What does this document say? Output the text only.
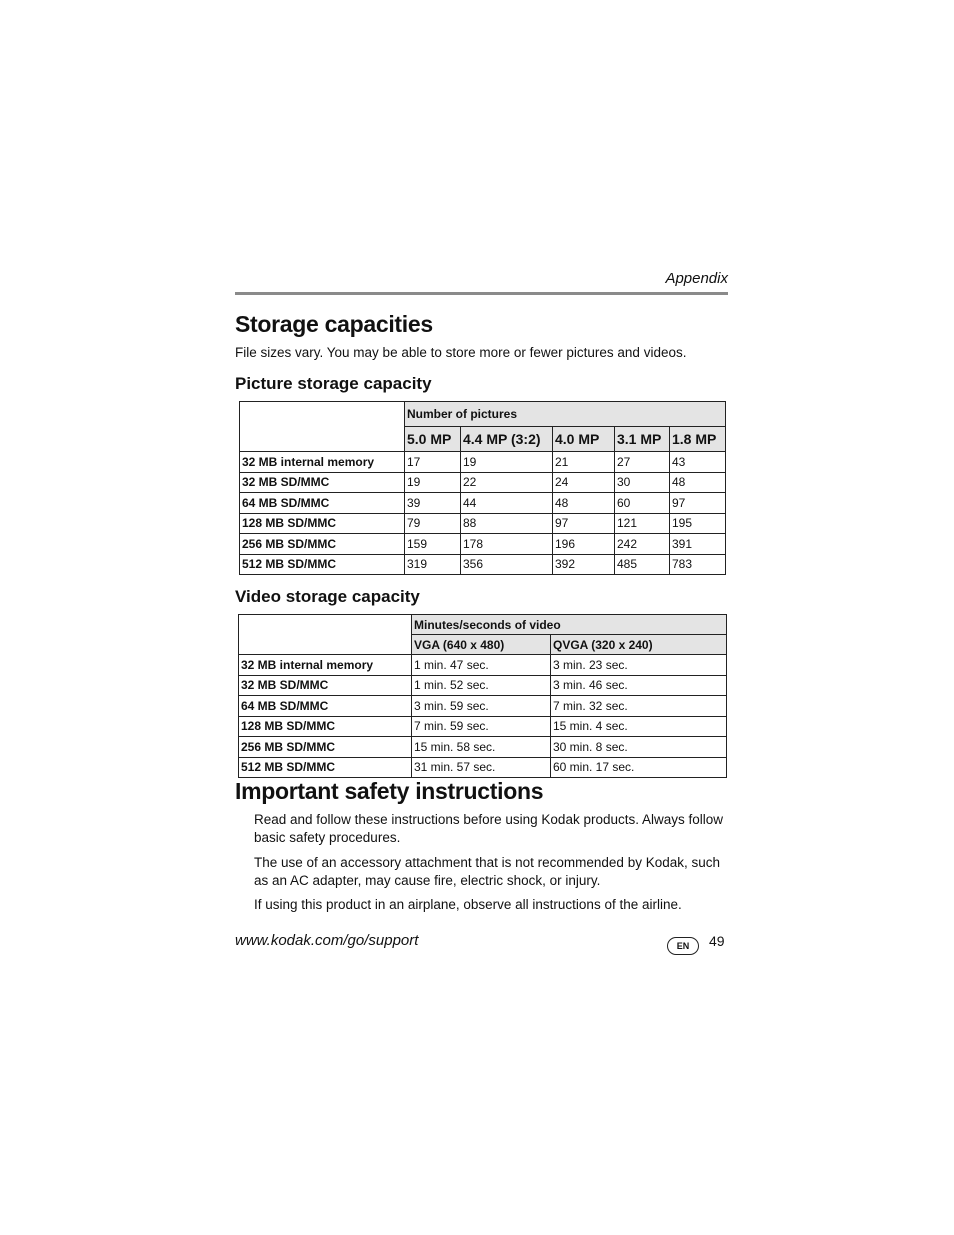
Appendix
Storage capacities

File sizes vary. You may be able to store more or fewer pictures and videos.

Picture storage capacity
	Number of pictures				
	5.0 MP	4.4 MP (3:2)	4.0 MP	3.1 MP	1.8 MP
32 MB internal memory	17	19	21	27	43
32 MB SD/MMC	19	22	24	30	48
64 MB SD/MMC	39	44	48	60	97
128 MB SD/MMC	79	88	97	121	195
256 MB SD/MMC	159	178	196	242	391
512 MB SD/MMC	319	356	392	485	783
Video storage capacity
	Minutes/seconds of video	
	VGA (640 x 480)	QVGA (320 x 240)
32 MB internal memory	1 min. 47 sec.	3 min. 23 sec.
32 MB SD/MMC	1 min. 52 sec.	3 min. 46 sec.
64 MB SD/MMC	3 min. 59 sec.	7 min. 32 sec.
128 MB SD/MMC	7 min. 59 sec.	15 min. 4 sec.
256 MB SD/MMC	15 min. 58 sec.	30 min. 8 sec.
512 MB SD/MMC	31 min. 57 sec.	60 min. 17 sec.
Important safety instructions

Read and follow these instructions before using Kodak products. Always follow basic safety procedures.

The use of an accessory attachment that is not recommended by Kodak, such as an AC adapter, may cause fire, electric shock, or injury.

If using this product in an airplane, observe all instructions of the airline.

www.kodak.com/go/support	EN	49
